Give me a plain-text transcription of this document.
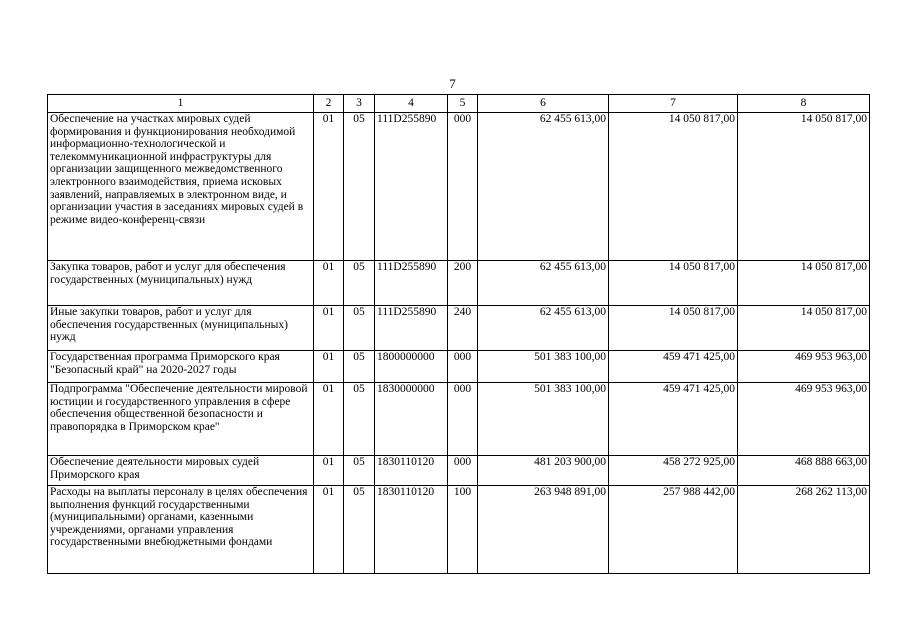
7
1	2	3	4	5	6	7	8
Обеспечение на участках мировых судей формирования и функционирования необходимой информационно-технологической и телекоммуникационной инфраструктуры для организации защищенного межведомственного электронного взаимодействия, приема исковых заявлений, направляемых в электронном виде, и организации участия в заседаниях мировых судей в режиме видео-конференц-связи	01	05	111D255890	000	62 455 613,00	14 050 817,00	14 050 817,00
Закупка товаров, работ и услуг для обеспечения государственных (муниципальных) нужд	01	05	111D255890	200	62 455 613,00	14 050 817,00	14 050 817,00
Иные закупки товаров, работ и услуг для обеспечения государственных (муниципальных) нужд	01	05	111D255890	240	62 455 613,00	14 050 817,00	14 050 817,00
Государственная программа Приморского края "Безопасный край" на 2020-2027 годы	01	05	1800000000	000	501 383 100,00	459 471 425,00	469 953 963,00
Подпрограмма "Обеспечение деятельности мировой юстиции и государственного управления в сфере обеспечения общественной безопасности и правопорядка в Приморском крае"	01	05	1830000000	000	501 383 100,00	459 471 425,00	469 953 963,00
Обеспечение деятельности мировых судей Приморского края	01	05	1830110120	000	481 203 900,00	458 272 925,00	468 888 663,00
Расходы на выплаты персоналу в целях обеспечения выполнения функций государственными (муниципальными) органами, казенными учреждениями, органами управления государственными внебюджетными фондами	01	05	1830110120	100	263 948 891,00	257 988 442,00	268 262 113,00
